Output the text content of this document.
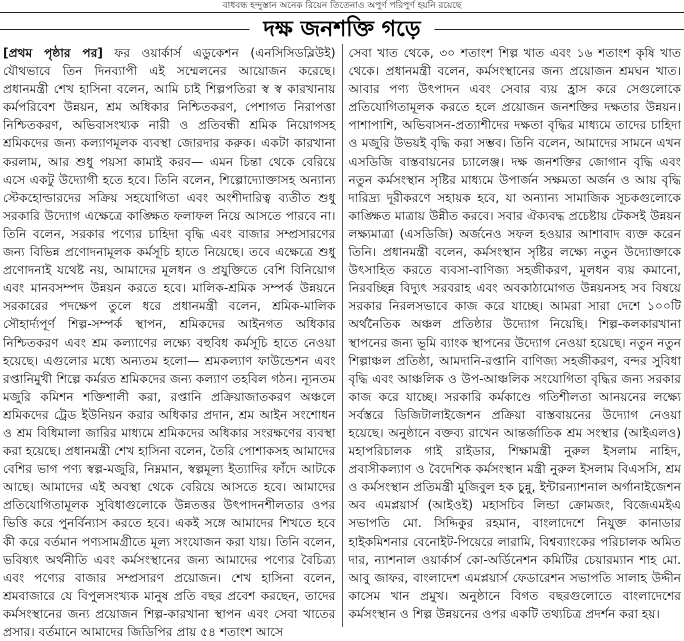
বাধবন্ধ হন্দুস্তান অনেক রিয়েন তিতেনাও অপুর্ণ পরিপুর্ণ হয়নি রয়েছে
দক্ষ জনশক্তি গড়ে

[প্রথম পৃষ্ঠার পর] ফর ওয়ার্কার্স এডুকেশন (এনসিসিডব্লিউই) যৌথভাবে তিন দিনব্যাপী এই সম্মেলনের আয়োজন করেছে। প্রধানমন্ত্রী শেখ হাসিনা বলেন, আমি চাই শিল্পপতিরা স্ব স্ব কারখানায় কর্মপরিবেশ উন্নয়ন, শ্রম অধিকার নিশ্চিতকরণ, পেশাগত নিরাপত্তা নিশ্চিতকরণ, অভিবাসংখ্যক নারী ও প্রতিবন্ধী শ্রমিক নিয়োগসহ শ্রমিকদের জন্য কল্যাণমূলক ব্যবস্থা জোরদার করুক। একটা কারখানা করলাম, আর শুধু পয়সা কামাই করব— এমন চিন্তা থেকে বেরিয়ে এসে একটু উদ্যোগী হতে হবে। তিনি বলেন, শিল্পোদ্যোক্তাসহ অন্যান্য স্টেকহোল্ডারদের সক্রিয় সহযোগিতা এবং অংশীদারিত্ব ব্যতীত শুধু সরকারি উদ্যোগ এক্ষেত্রে কাঙ্ক্ষিত ফলাফল নিয়ে আসতে পারবে না। তিনি বলেন, সরকার পণ্যের চাহিদা বৃদ্ধি এবং বাজার সম্প্রসারণের জন্য বিভিন্ন প্রণোদনামূলক কর্মসূচি হাতে নিয়েছে। তবে এক্ষেত্রে শুধু প্রণোদনাই যথেষ্ট নয়, আমাদের মূলধন ও প্রযুক্তিতে বেশি বিনিয়োগ এবং মানবসম্পদ উন্নয়ন করতে হবে। মালিক-শ্রমিক সম্পর্ক উন্নয়নে সরকারের পদক্ষেপ তুলে ধরে প্রধানমন্ত্রী বলেন, শ্রমিক-মালিক সৌহার্দ্যপূর্ণ শিল্প-সম্পর্ক স্থাপন, শ্রমিকদের আইনগত অধিকার নিশ্চিতকরণ এবং শ্রম কল্যাণের লক্ষ্যে বহুবিধ কর্মসূচি হাতে নেওয়া হয়েছে। এগুলোর মধ্যে অন্যতম হলো— শ্রমকল্যাণ ফাউন্ডেশন এবং রপ্তানিমুখী শিল্পে কর্মরত শ্রমিকদের জন্য কল্যাণ তহবিল গঠন। ন্যূনতম মজুরি কমিশন শক্তিশালী করা, রপ্তানি প্রক্রিয়াজাতকরণ অঞ্চলে শ্রমিকদের ট্রেড ইউনিয়ন করার অধিকার প্রদান, শ্রম আইন সংশোধন ও শ্রম বিধিমালা জারির মাধ্যমে শ্রমিকদের অধিকার সংরক্ষণের ব্যবস্থা করা হয়েছে। প্রধানমন্ত্রী শেখ হাসিনা বলেন, তৈরি পোশাকসহ আমাদের বেশির ভাগ পণ্য স্বল্প-মজুরি, নিম্নমান, স্বল্পমূল্য ইত্যাদির ফাঁদে আটকে আছে। আমাদের এই অবস্থা থেকে বেরিয়ে আসতে হবে। আমাদের প্রতিযোগিতামূলক সুবিধাগুলোকে উন্নতত্তর উৎপাদনশীলতার ওপর ভিত্তি করে পুনর্বিন্যাস করতে হবে। একই সঙ্গে আমাদের শিখতে হবে কী করে বর্তমান পণ্যসামগ্রীতে মূল্য সংযোজন করা যায়। তিনি বলেন, ভবিষ্যৎ অর্থনীতি এবং কর্মসংস্থানের জন্য আমাদের পণ্যের বৈচিত্র্য এবং পণ্যের বাজার সম্প্রসারণ প্রয়োজন। শেখ হাসিনা বলেন, শ্রমবাজারে যে বিপুলসংখ্যক মানুষ প্রতি বছর প্রবেশ করছেন, তাদের কর্মসংস্থানের জন্য প্রয়োজন শিল্প-কারখানা স্থাপন এবং সেবা খাতের প্রসার। বর্তমানে আমাদের জিডিপির প্রায় ৫৪ শতাংশ আসে

সেবা খাত থেকে, ৩০ শতাংশ শিল্প খাত এবং ১৬ শতাংশ কৃষি খাত থেকে। প্রধানমন্ত্রী বলেন, কর্মসংস্থানের জন্য প্রয়োজন শ্রমঘন খাত। আবার পণ্য উৎপাদন এবং সেবার ব্যয় হ্রাস করে সেগুলোকে প্রতিযোগিতামূলক করতে হলে প্রয়োজন জনশক্তির দক্ষতার উন্নয়ন। পাশাপাশি, অভিবাসন-প্রত্যাশীদের দক্ষতা বৃদ্ধির মাধ্যমে তাদের চাহিদা ও মজুরি উভয়ই বৃদ্ধি করা সম্ভব। তিনি বলেন, আমাদের সামনে এখন এসডিজি বাস্তবায়নের চ্যালেঞ্জ। দক্ষ জনশক্তির জোগান বৃদ্ধি এবং নতুন কর্মসংস্থান সৃষ্টির মাধ্যমে উপার্জন সক্ষমতা অর্জন ও আয় বৃদ্ধি দারিদ্র্য দূরীকরণে সহায়ক হবে, যা অন্যান্য সামাজিক সূচকগুলোকে কাঙ্ক্ষিত মাত্রায় উন্নীত করবে। সবার ঐক্যবদ্ধ প্রচেষ্টায় টেকসই উন্নয়ন লক্ষ্যমাত্রা (এসডিজি) অর্জনেও সফল হওয়ার আশাবাদ ব্যক্ত করেন তিনি। প্রধানমন্ত্রী বলেন, কর্মসংস্থান সৃষ্টির লক্ষ্যে নতুন উদ্যোক্তাকে উৎসাহিত করতে ব্যবসা-বাণিজ্য সহজীকরণ, মূলধন ব্যয় কমানো, নিরবচ্ছিন্ন বিদ্যুৎ সরবরাহ এবং অবকাঠামোগত উন্নয়নসহ সব বিষয়ে সরকার নিরলসভাবে কাজ করে যাচ্ছে। আমরা সারা দেশে ১০০টি অর্থনৈতিক অঞ্চল প্রতিষ্ঠার উদ্যোগ নিয়েছি। শিল্প-কলকারখানা স্থাপনের জন্য ভূমি ব্যাংক স্থাপনের উদ্যোগ নেওয়া হয়েছে। নতুন নতুন শিল্পাঞ্চল প্রতিষ্ঠা, আমদানি-রপ্তানি বাণিজ্য সহজীকরণ, বন্দর সুবিধা বৃদ্ধি এবং আঞ্চলিক ও উপ-আঞ্চলিক সংযোগিতা বৃদ্ধির জন্য সরকার কাজ করে যাচ্ছে। সরকারি কর্মকাণ্ডে গতিশীলতা আনয়নের লক্ষ্যে সর্বস্তরে ডিজিটালাইজেশন প্রক্রিয়া বাস্তবায়নের উদ্যোগ নেওয়া হয়েছে। অনুষ্ঠানে বক্তব্য রাখেন আন্তর্জাতিক শ্রম সংস্থার (আইএলও) মহাপরিচালক গাই রাইডার, শিক্ষামন্ত্রী নুরুল ইসলাম নাহিদ, প্রবাসীকল্যাণ ও বৈদেশিক কর্মসংস্থান মন্ত্রী নুরুল ইসলাম বিএসসি, শ্রম ও কর্মসংস্থান প্রতিমন্ত্রী মুজিবুল হক চুন্নু, ইন্টারন্যাশনাল অর্গানাইজেশন অব এমপ্লয়ার্স (আইওই) মহাসচিব লিন্ডা ক্রোমজং, বিজেএমইএ সভাপতি মো. সিদ্দিকুর রহমান, বাংলাদেশে নিযুক্ত কানাডার হাইকমিশনার বেনোইট-পিয়েরে লারামি, বিশ্বব্যাংকের পরিচালক অমিত দার, ন্যাশনাল ওয়ার্কার্স কো-অর্ডিনেশন কমিটির চেয়ারম্যান শাহ মো. আবু জাফর, বাংলাদেশ এমপ্লয়ার্স ফেডারেশন সভাপতি সালাহ উদ্দীন কাসেম খান প্রমুখ। অনুষ্ঠানে বিগত বছরগুলোতে বাংলাদেশের কর্মসংস্থান ও শিল্প উন্নয়নের ওপর একটি তথ্যচিত্র প্রদর্শন করা হয়।
